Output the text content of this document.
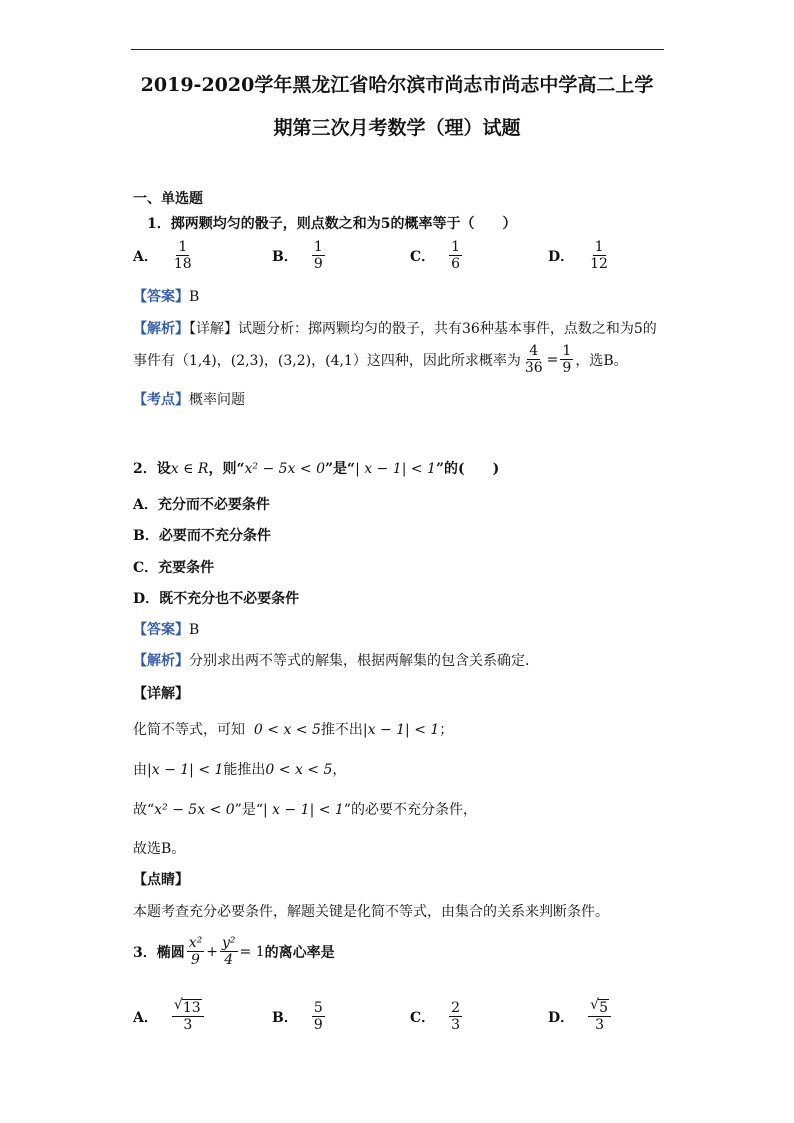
2019-2020学年黑龙江省哈尔滨市尚志市尚志中学高二上学
期第三次月考数学（理）试题
一、单选题
1．掷两颗均匀的骰子，则点数之和为5的概率等于（　　）
A． $\frac{1}{18}$	B． $\frac{1}{9}$	C． $\frac{1}{6}$	D． $\frac{1}{12}$
【答案】B
【解析】【详解】试题分析：掷两颗均匀的骰子，共有36种基本事件，点数之和为5的
事件有（1,4)，(2,3)，(3,2)，(4,1）这四种，因此所求概率为 $\frac{4}{36} = \frac{1}{9}$ ，选B。
【考点】概率问题
2．设x ∈ R，则“x² − 5x < 0”是“| x − 1| < 1”的(　　)
A．充分而不必要条件
B．必要而不充分条件
C．充要条件
D．既不充分也不必要条件
【答案】B
【解析】分别求出两不等式的解集，根据两解集的包含关系确定.
【详解】
化简不等式，可知 0 < x < 5推不出|x − 1| < 1；
由|x − 1| < 1能推出0 < x < 5，
故“x² − 5x < 0”是“| x − 1| < 1”的必要不充分条件，
故选B。
【点睛】
本题考查充分必要条件，解题关键是化简不等式，由集合的关系来判断条件。
3．椭圆 $\frac{\text{x²}}{9} + \frac{\text{y²}}{4} = 1$ 的离心率是
A． $\frac{√ 13}{3}$	B． $\frac{5}{9}$	C． $\frac{2}{3}$	D． $\frac{√ 5}{3}$
